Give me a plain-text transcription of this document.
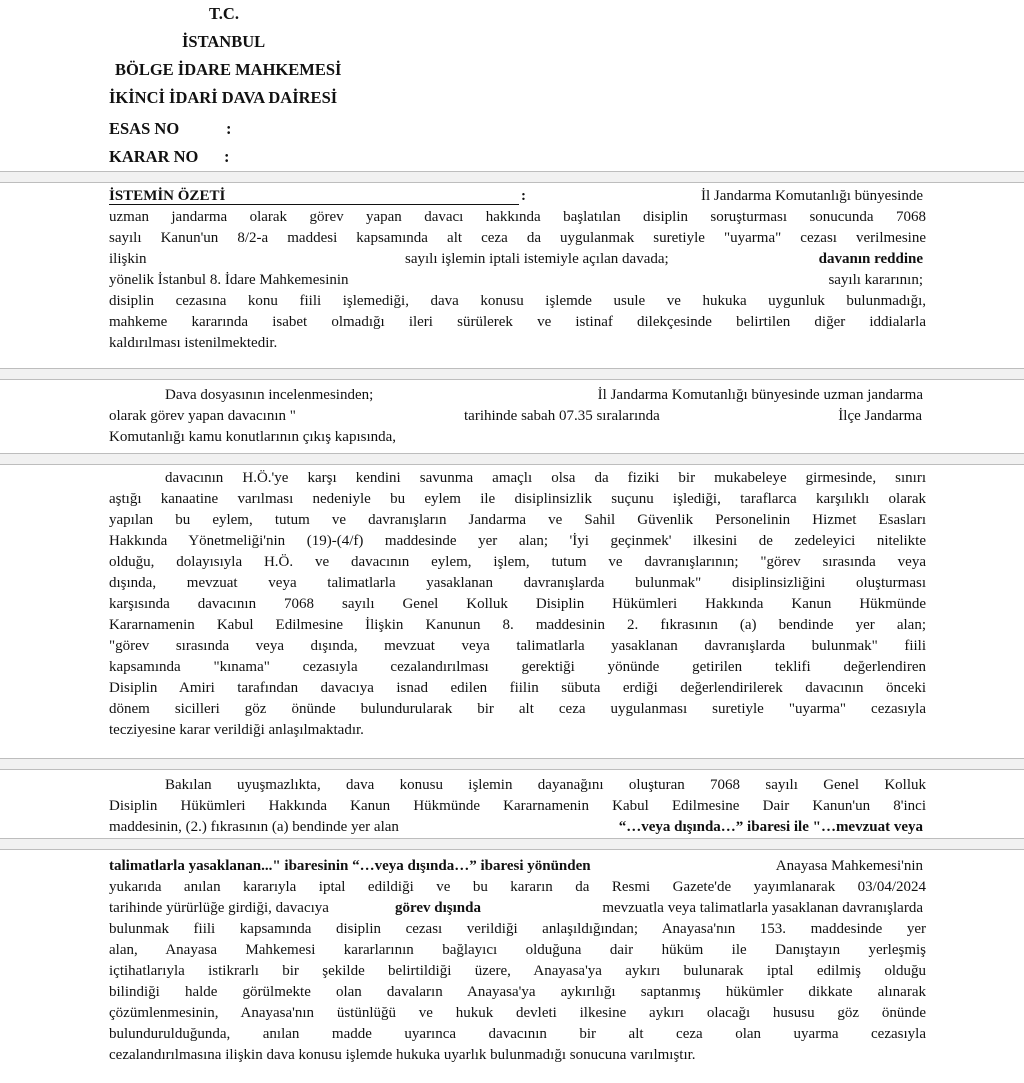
T.C.
İSTANBUL
BÖLGE İDARE MAHKEMESİ
İKİNCİ İDARİ DAVA DAİRESİ
ESAS NO	:
KARAR NO :
İSTEMİN ÖZETİ	:	İl Jandarma Komutanlığı bünyesinde
uzman jandarma olarak görev yapan davacı hakkında başlatılan disiplin soruşturması sonucunda 7068
sayılı Kanun'un 8/2-a maddesi kapsamında alt ceza da uygulanmak suretiyle "uyarma" cezası verilmesine
ilişkin	sayılı işlemin iptali istemiyle açılan davada;	davanın reddine
yönelik İstanbul 8. İdare Mahkemesinin	sayılı kararının;
disiplin cezasına konu fiili işlemediği, dava konusu işlemde usule ve hukuka uygunluk bulunmadığı,
mahkeme kararında isabet olmadığı ileri sürülerek ve istinaf dilekçesinde belirtilen diğer iddialarla
kaldırılması istenilmektedir.
Dava dosyasının incelenmesinden;	İl Jandarma Komutanlığı bünyesinde uzman jandarma
olarak görev yapan davacının "	tarihinde sabah 07.35 sıralarında	İlçe Jandarma
Komutanlığı kamu konutlarının çıkış kapısında,
davacının H.Ö.'ye karşı kendini savunma amaçlı olsa da fiziki bir mukabeleye girmesinde, sınırı
aştığı kanaatine varılması nedeniyle bu eylem ile disiplinsizlik suçunu işlediği, taraflarca karşılıklı olarak
yapılan bu eylem, tutum ve davranışların Jandarma ve Sahil Güvenlik Personelinin Hizmet Esasları
Hakkında Yönetmeliği'nin (19)-(4/f) maddesinde yer alan; 'İyi geçinmek' ilkesini de zedeleyici nitelikte
olduğu, dolayısıyla H.Ö. ve davacının eylem, işlem, tutum ve davranışlarının; "görev sırasında veya
dışında, mevzuat veya talimatlarla yasaklanan davranışlarda bulunmak" disiplinsizliğini oluşturması
karşısında davacının 7068 sayılı Genel Kolluk Disiplin Hükümleri Hakkında Kanun Hükmünde
Kararnamenin Kabul Edilmesine İlişkin Kanunun 8. maddesinin 2. fıkrasının (a) bendinde yer alan;
"görev sırasında veya dışında, mevzuat veya talimatlarla yasaklanan davranışlarda bulunmak" fiili
kapsamında "kınama" cezasıyla cezalandırılması gerektiği yönünde getirilen teklifi değerlendiren
Disiplin Amiri tarafından davacıya isnad edilen fiilin sübuta erdiği değerlendirilerek davacının önceki
dönem sicilleri göz önünde bulundurularak bir alt ceza uygulanması suretiyle "uyarma" cezasıyla
tecziyesine karar verildiği anlaşılmaktadır.
Bakılan uyuşmazlıkta, dava konusu işlemin dayanağını oluşturan 7068 sayılı Genel Kolluk
Disiplin Hükümleri Hakkında Kanun Hükmünde Kararnamenin Kabul Edilmesine Dair Kanun'un 8'inci
maddesinin, (2.) fıkrasının (a) bendinde yer alan	“…veya dışında…” ibaresi ile "…mevzuat veya
talimatlarla yasaklanan..." ibaresinin “…veya dışında…” ibaresi yönünden	Anayasa Mahkemesi'nin
yukarıda anılan kararıyla iptal edildiği ve bu kararın da Resmi Gazete'de yayımlanarak 03/04/2024
tarihinde yürürlüğe girdiği, davacıya	görev dışında	mevzuatla veya talimatlarla yasaklanan davranışlarda
bulunmak fiili kapsamında disiplin cezası verildiği anlaşıldığından; Anayasa'nın 153. maddesinde yer
alan, Anayasa Mahkemesi kararlarının bağlayıcı olduğuna dair hüküm ile Danıştayın yerleşmiş
içtihatlarıyla istikrarlı bir şekilde belirtildiği üzere, Anayasa'ya aykırı bulunarak iptal edilmiş olduğu
bilindiği halde görülmekte olan davaların Anayasa'ya aykırılığı saptanmış hükümler dikkate alınarak
çözümlenmesinin, Anayasa'nın üstünlüğü ve hukuk devleti ilkesine aykırı olacağı hususu göz önünde
bulundurulduğunda, anılan madde uyarınca davacının bir alt ceza olan uyarma cezasıyla
cezalandırılmasına ilişkin dava konusu işlemde hukuka uyarlık bulunmadığı sonucuna varılmıştır.
